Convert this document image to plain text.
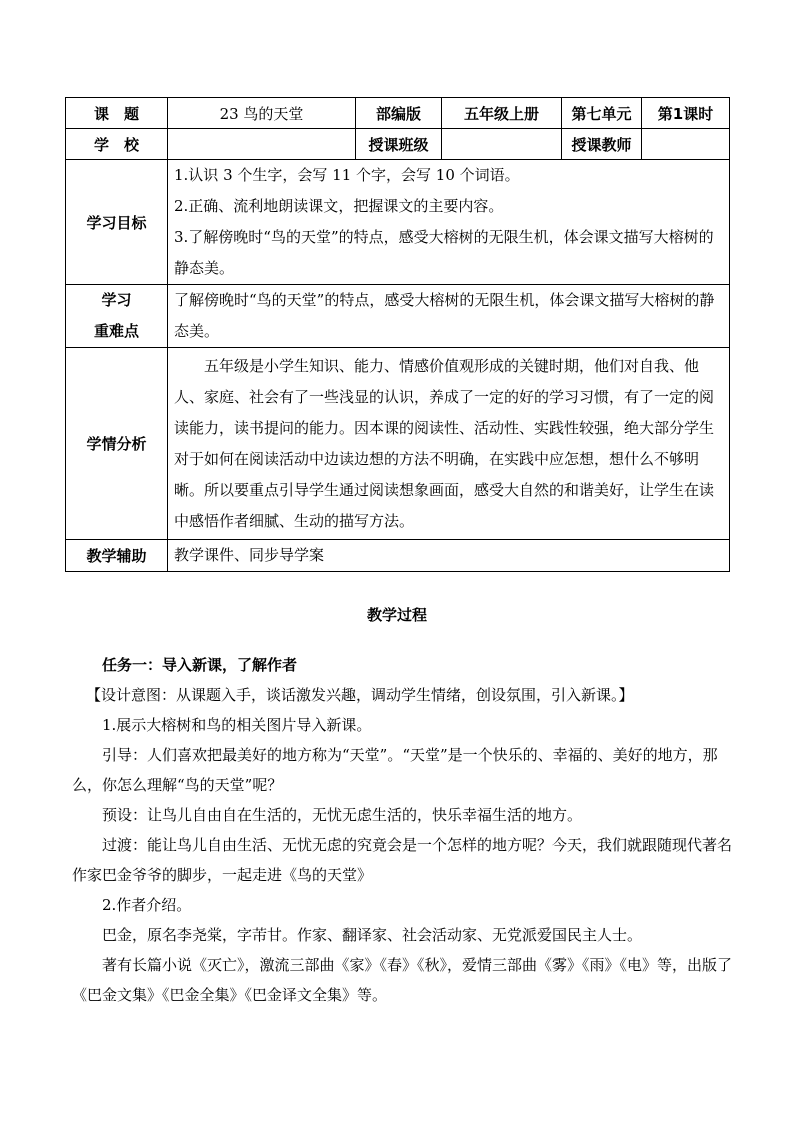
课　题	23 鸟的天堂	部编版	五年级上册	第七单元	第1课时
学　校		授课班级		授课教师	
学习目标	1.认识 3 个生字，会写 11 个字，会写 10 个词语。
2.正确、流利地朗读课文，把握课文的主要内容。
3.了解傍晚时“鸟的天堂”的特点，感受大榕树的无限生机，体会课文描写大榕树的静态美。				

学习
重难点	了解傍晚时“鸟的天堂”的特点，感受大榕树的无限生机，体会课文描写大榕树的静态美。				
学情分析	五年级是小学生知识、能力、情感价值观形成的关键时期，他们对自我、他人、家庭、社会有了一些浅显的认识，养成了一定的好的学习习惯，有了一定的阅读能力，读书提问的能力。因本课的阅读性、活动性、实践性较强，绝大部分学生对于如何在阅读活动中边读边想的方法不明确，在实践中应怎想，想什么不够明晰。所以要重点引导学生通过阅读想象画面，感受大自然的和谐美好，让学生在读中感悟作者细腻、生动的描写方法。				
教学辅助	教学课件、同步导学案				
教学过程

任务一：导入新课，了解作者

【设计意图：从课题入手，谈话激发兴趣，调动学生情绪，创设氛围，引入新课。】

1.展示大榕树和鸟的相关图片导入新课。

引导：人们喜欢把最美好的地方称为“天堂”。“天堂”是一个快乐的、幸福的、美好的地方，那么，你怎么理解“鸟的天堂”呢？

预设：让鸟儿自由自在生活的，无忧无虑生活的，快乐幸福生活的地方。

过渡：能让鸟儿自由生活、无忧无虑的究竟会是一个怎样的地方呢？今天，我们就跟随现代著名作家巴金爷爷的脚步，一起走进《鸟的天堂》

2.作者介绍。

巴金，原名李尧棠，字芾甘。作家、翻译家、社会活动家、无党派爱国民主人士。

著有长篇小说《灭亡》，激流三部曲《家》《春》《秋》，爱情三部曲《雾》《雨》《电》等，出版了《巴金文集》《巴金全集》《巴金译文全集》等。
